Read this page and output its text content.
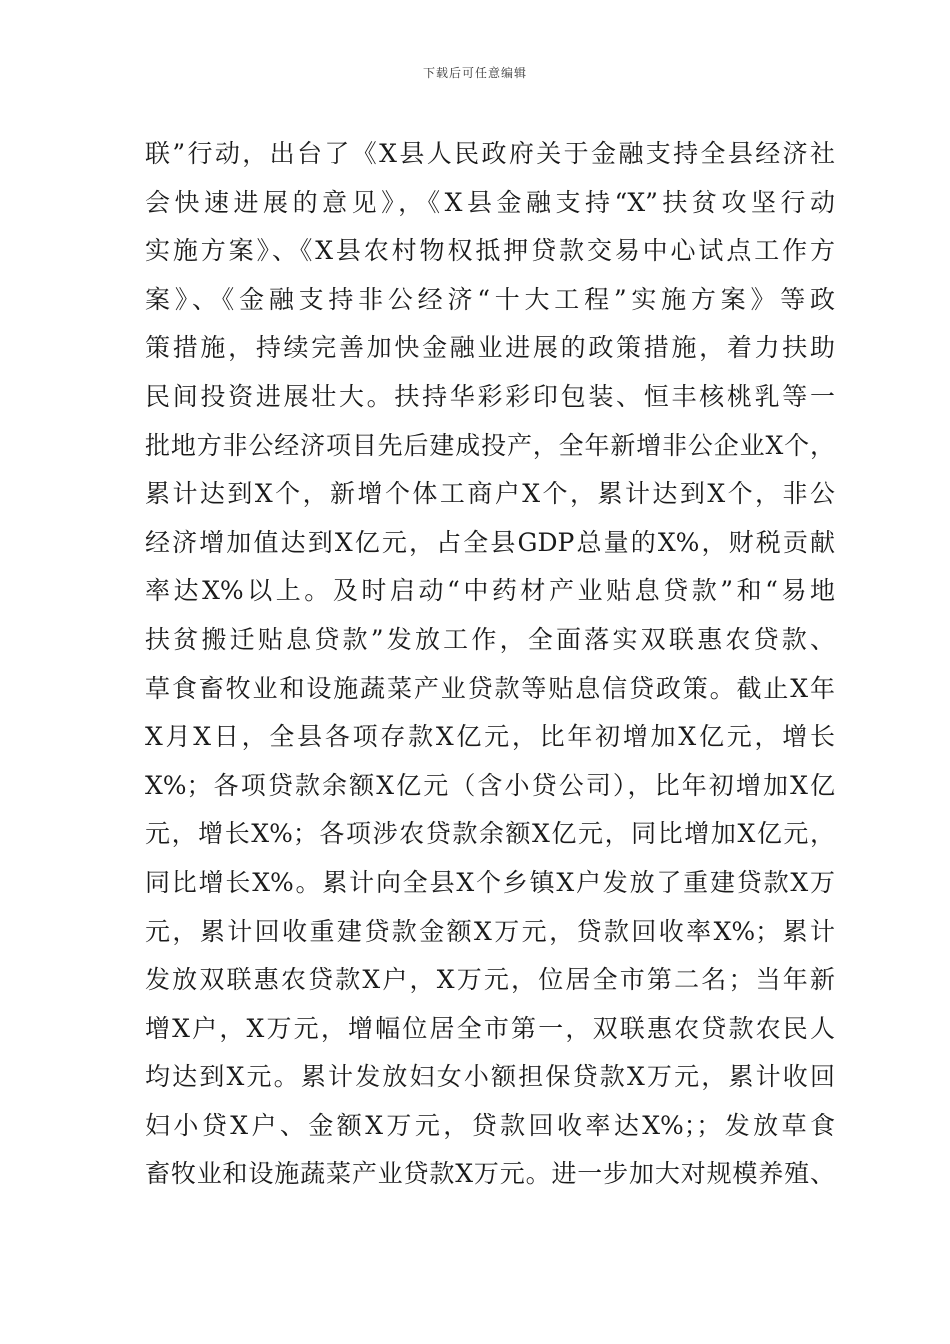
下载后可任意编辑
联”行动，出台了《X县人民政府关于金融支持全县经济社
会快速进展的意见》，《X县金融支持“X”扶贫攻坚行动
实施方案》、《X县农村物权抵押贷款交易中心试点工作方
案》、《金融支持非公经济“十大工程”实施方案》等政
策措施，持续完善加快金融业进展的政策措施，着力扶助
民间投资进展壮大。扶持华彩彩印包装、恒丰核桃乳等一
批地方非公经济项目先后建成投产，全年新增非公企业X个，
累计达到X个，新增个体工商户X个，累计达到X个，非公
经济增加值达到X亿元，占全县GDP总量的X%，财税贡献
率达X%以上。及时启动“中药材产业贴息贷款”和“易地
扶贫搬迁贴息贷款”发放工作，全面落实双联惠农贷款、
草食畜牧业和设施蔬菜产业贷款等贴息信贷政策。截止X年
X月X日，全县各项存款X亿元，比年初增加X亿元，增长
X%；各项贷款余额X亿元（含小贷公司），比年初增加X亿
元，增长X%；各项涉农贷款余额X亿元，同比增加X亿元，
同比增长X%。累计向全县X个乡镇X户发放了重建贷款X万
元，累计回收重建贷款金额X万元，贷款回收率X%；累计
发放双联惠农贷款X户，X万元，位居全市第二名；当年新
增X户，X万元，增幅位居全市第一，双联惠农贷款农民人
均达到X元。累计发放妇女小额担保贷款X万元，累计收回
妇小贷X户、金额X万元，贷款回收率达X%；；发放草食
畜牧业和设施蔬菜产业贷款X万元。进一步加大对规模养殖、
